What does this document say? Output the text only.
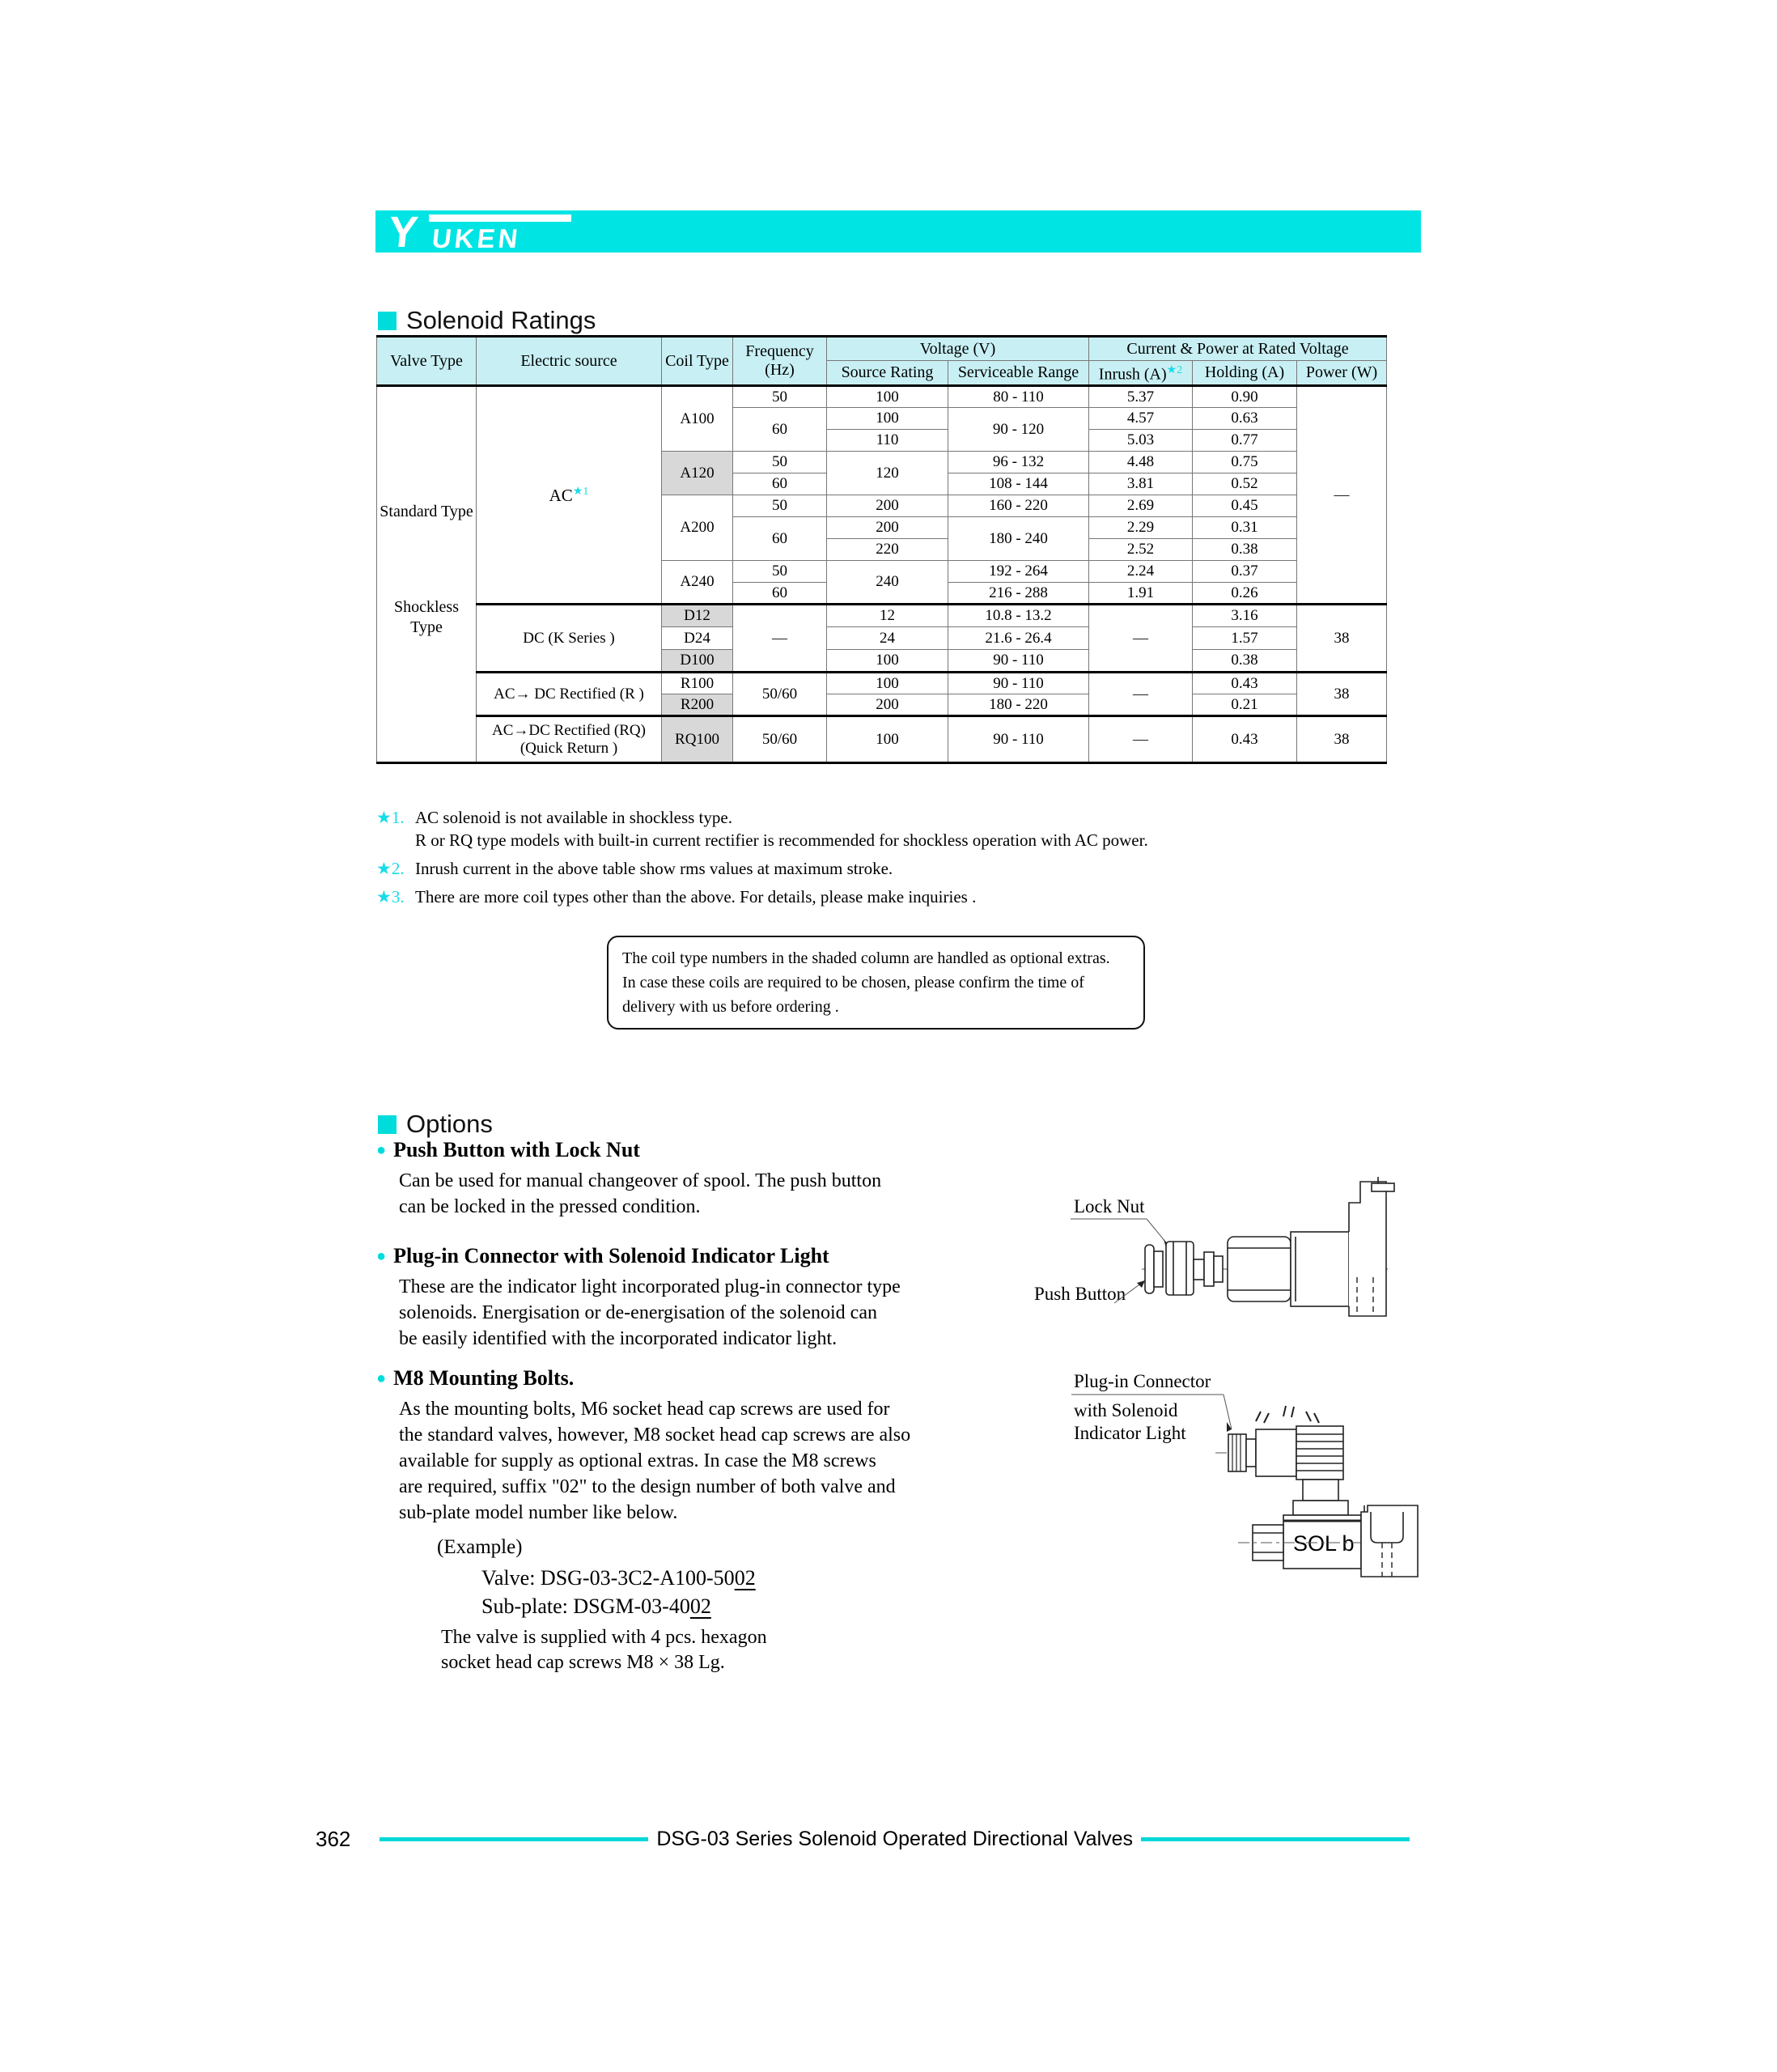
Y UKEN
Solenoid Ratings
Valve Type	Electric source	Coil Type	Frequency (Hz)	Voltage (V)		Current & Power at Rated Voltage		
				Source Rating	Serviceable Range	Inrush $(A)^{★2}$	Holding (A)	Power (W)

Standard Type
Shockless Type	$AC^{★1}$	A100	50	100	80 - 110	5.37	0.90	—
			60	100	90 - 120	4.57	0.63	
				110		5.03	0.77	
		A120	50	120	96 - 132	4.48	0.75	
			60		108 - 144	3.81	0.52	
		A200	50	200	160 - 220	2.69	0.45	
			60	200	180 - 240	2.29	0.31	
				220		2.52	0.38	
		A240	50	240	192 - 264	2.24	0.37	
			60		216 - 288	1.91	0.26	
	DC (K Series )	D12	—	12	10.8 - 13.2	—	3.16	38
		D24		24	21.6 - 26.4		1.57	
		D100		100	90 - 110		0.38	
	AC→ DC Rectified (R )	R100	50/60	100	90 - 110	—	0.43	38
		R200		200	180 - 220		0.21	

	AC→DC Rectified (RQ)
(Quick Return )	RQ100	50/60	100	90 - 110	—	0.43	38
★1. AC solenoid is not available in shockless type.
R or RQ type models with built-in current rectifier is recommended for shockless operation with AC power.
★2. Inrush current in the above table show rms values at maximum stroke.
★3. There are more coil types other than the above. For details, please make inquiries .
The coil type numbers in the shaded column are handled as optional extras.
In case these coils are required to be chosen, please confirm the time of
delivery with us before ordering .
Options
● Push Button with Lock Nut
Can be used for manual changeover of spool. The push button
can be locked in the pressed condition.
● Plug-in Connector with Solenoid Indicator Light
These are the indicator light incorporated plug-in connector type
solenoids. Energisation or de-energisation of the solenoid can
be easily identified with the incorporated indicator light.
● M8 Mounting Bolts.
As the mounting bolts, M6 socket head cap screws are used for
the standard valves, however, M8 socket head cap screws are also
available for supply as optional extras. In case the M8 screws
are required, suffix "02" to the design number of both valve and
sub-plate model number like below.
(Example)
Valve: DSG-03-3C2-A100-5002
Sub-plate: DSGM-03-4002
The valve is supplied with 4 pcs. hexagon
socket head cap screws M8 × 38 Lg.
Lock Nut
Push Button
Plug-in Connector
with Solenoid
Indicator Light
SOL b
362	DSG-03 Series Solenoid Operated Directional Valves
